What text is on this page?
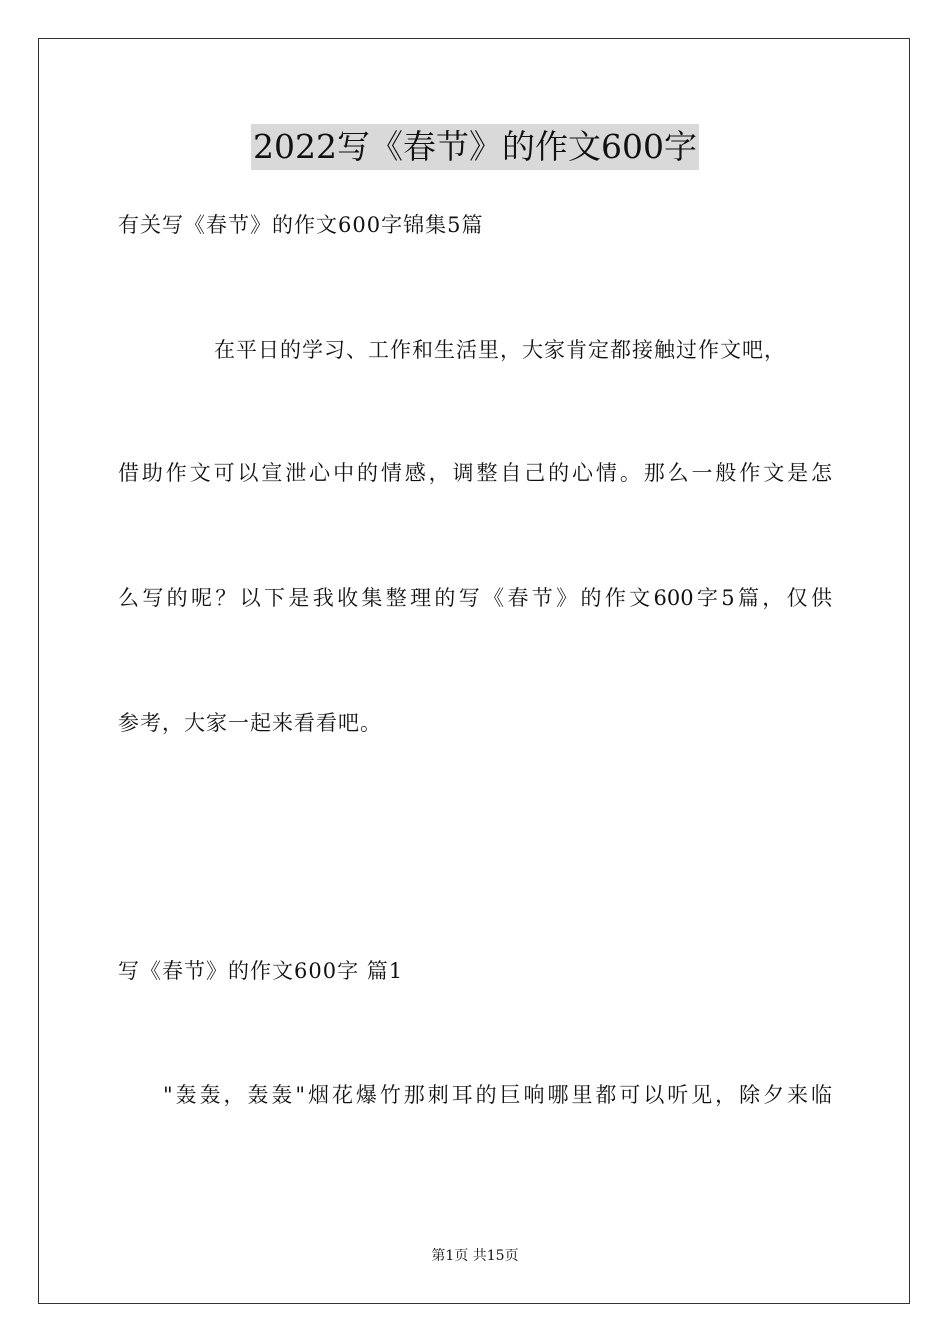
2022写《春节》的作文600字
有关写《春节》的作文600字锦集5篇
在平日的学习、工作和生活里，大家肯定都接触过作文吧，
借助作文可以宣泄心中的情感，调整自己的心情。那么一般作文是怎
么写的呢？以下是我收集整理的写《春节》的作文600字5篇，仅供
参考，大家一起来看看吧。
写《春节》的作文600字 篇1
"轰轰，轰轰"烟花爆竹那刺耳的巨响哪里都可以听见，除夕来临
第1页 共15页
